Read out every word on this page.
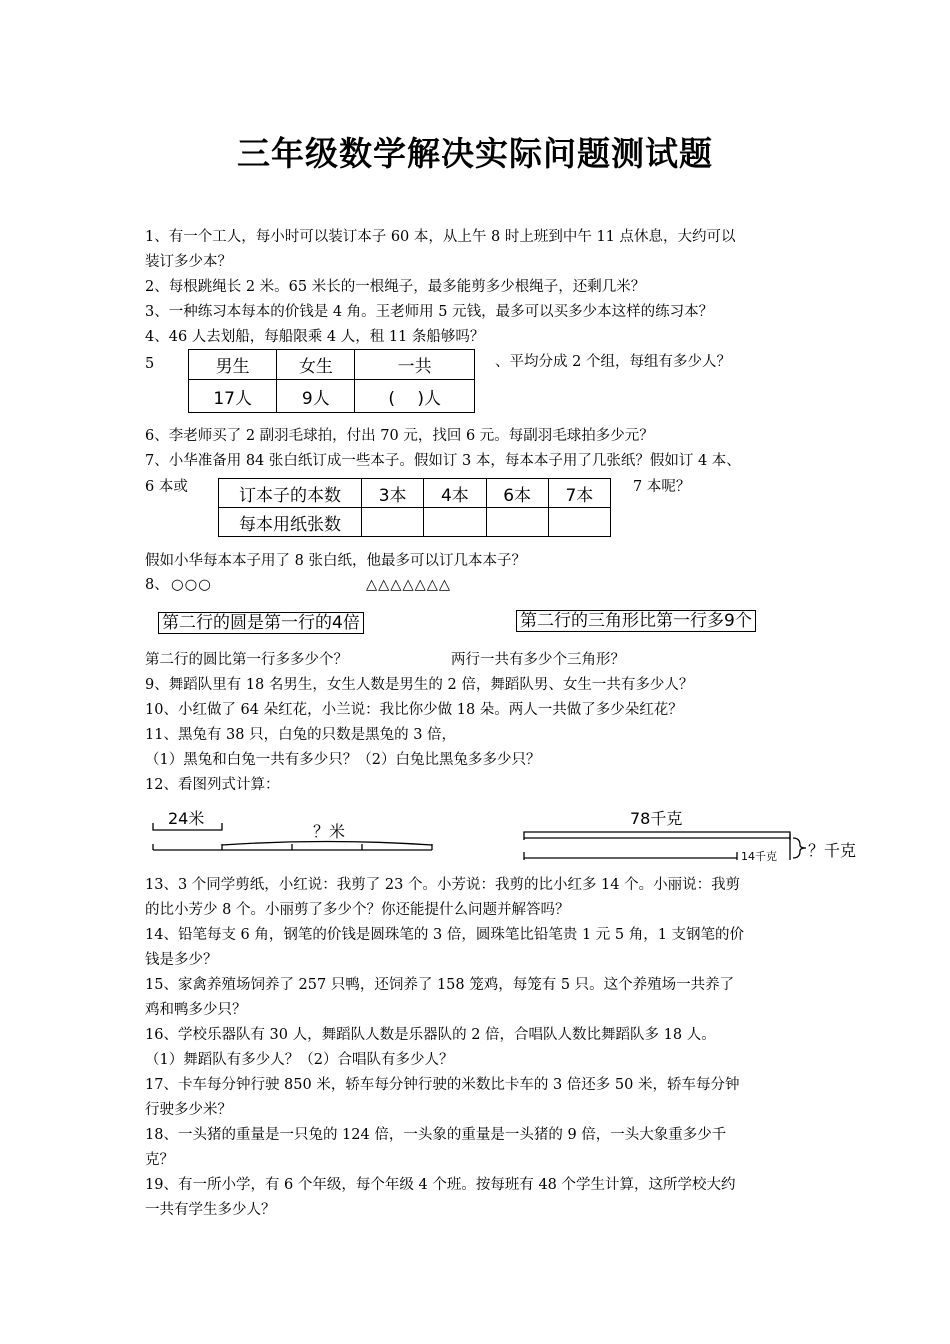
三年级数学解决实际问题测试题
1、有一个工人，每小时可以装订本子 60 本，从上午 8 时上班到中午 11 点休息，大约可以
装订多少本？
2、每根跳绳长 2 米。65 米长的一根绳子，最多能剪多少根绳子，还剩几米？
3、一种练习本每本的价钱是 4 角。王老师用 5 元钱，最多可以买多少本这样的练习本？
4、46 人去划船，每船限乘 4 人，租 11 条船够吗？
5	男生	女生	一共
17人	9人	(　 )人
、平均分成 2 个组，每组有多少人？
6、李老师买了 2 副羽毛球拍，付出 70 元，找回 6 元。每副羽毛球拍多少元？
7、小华准备用 84 张白纸订成一些本子。假如订 3 本，每本本子用了几张纸？假如订 4 本、
6 本或	订本子的本数	3本	4本	6本	7本
每本用纸张数				
7 本呢？
假如小华每本本子用了 8 张白纸，他最多可以订几本本子？
8、 ○○○	△△△△△△△
第二行的圆是第一行的4倍	第二行的三角形比第一行多9个
第二行的圆比第一行多多少个？	两行一共有多少个三角形？
9、舞蹈队里有 18 名男生，女生人数是男生的 2 倍，舞蹈队男、女生一共有多少人？
10、小红做了 64 朵红花，小兰说：我比你少做 18 朵。两人一共做了多少朵红花？
11、黑兔有 38 只，白兔的只数是黑兔的 3 倍，
（1）黑兔和白兔一共有多少只？（2）白兔比黑兔多多少只？
12、看图列式计算：
24米
？米
78千克
14千克 ？千克
13、3 个同学剪纸，小红说：我剪了 23 个。小芳说：我剪的比小红多 14 个。小丽说：我剪
的比小芳少 8 个。小丽剪了多少个？你还能提什么问题并解答吗？
14、铅笔每支 6 角，钢笔的价钱是圆珠笔的 3 倍，圆珠笔比铅笔贵 1 元 5 角，1 支钢笔的价
钱是多少？
15、家禽养殖场饲养了 257 只鸭，还饲养了 158 笼鸡，每笼有 5 只。这个养殖场一共养了
鸡和鸭多少只？
16、学校乐器队有 30 人，舞蹈队人数是乐器队的 2 倍，合唱队人数比舞蹈队多 18 人。
（1）舞蹈队有多少人？（2）合唱队有多少人？
17、卡车每分钟行驶 850 米，轿车每分钟行驶的米数比卡车的 3 倍还多 50 米，轿车每分钟
行驶多少米？
18、一头猪的重量是一只兔的 124 倍，一头象的重量是一头猪的 9 倍，一头大象重多少千
克？
19、有一所小学，有 6 个年级，每个年级 4 个班。按每班有 48 个学生计算，这所学校大约
一共有学生多少人？
